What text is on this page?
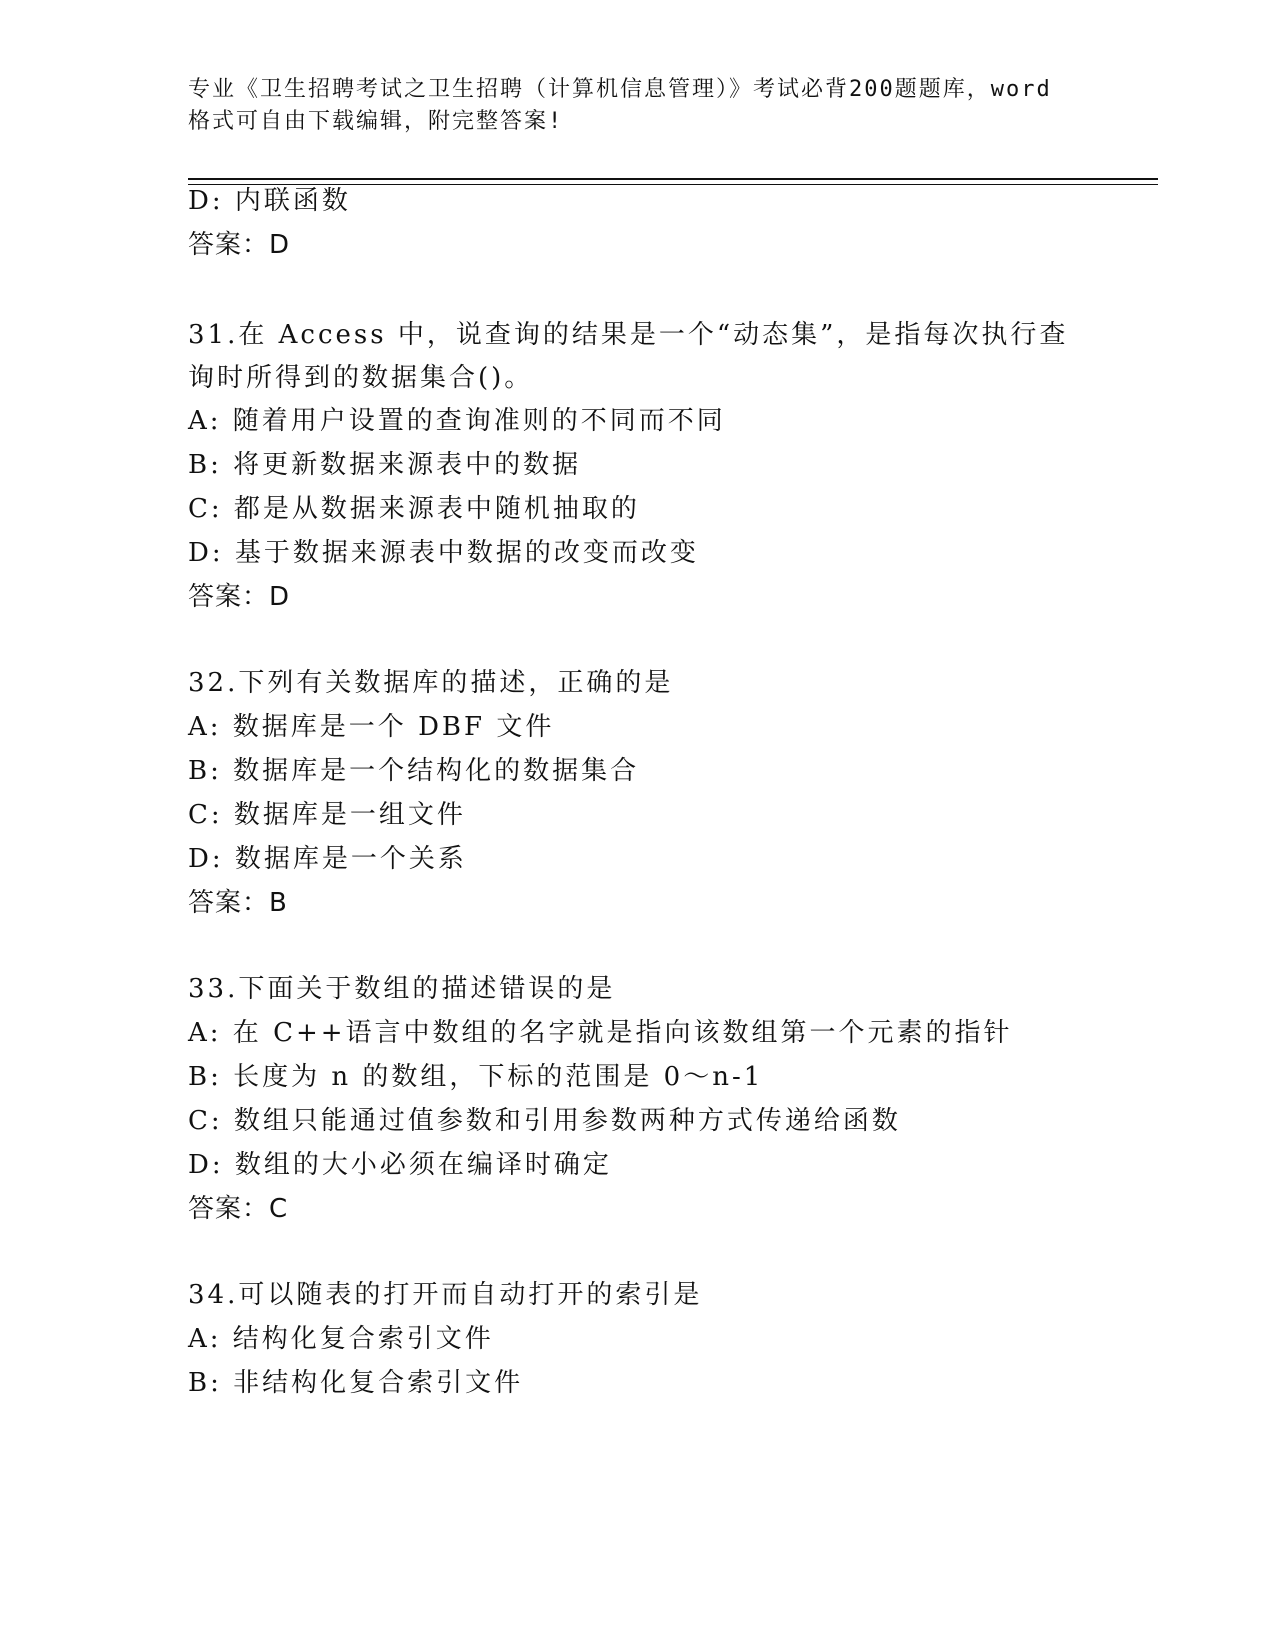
专业《卫生招聘考试之卫生招聘（计算机信息管理）》考试必背200题题库，word
格式可自由下载编辑，附完整答案!
D: 内联函数
答案：D
31.在 Access 中，说查询的结果是一个“动态集”，是指每次执行查
询时所得到的数据集合()。
A: 随着用户设置的查询准则的不同而不同
B: 将更新数据来源表中的数据
C: 都是从数据来源表中随机抽取的
D: 基于数据来源表中数据的改变而改变
答案：D
32.下列有关数据库的描述，正确的是
A: 数据库是一个 DBF 文件
B: 数据库是一个结构化的数据集合
C: 数据库是一组文件
D: 数据库是一个关系
答案：B
33.下面关于数组的描述错误的是
A: 在 C++语言中数组的名字就是指向该数组第一个元素的指针
B: 长度为 n 的数组，下标的范围是 0～n-1
C: 数组只能通过值参数和引用参数两种方式传递给函数
D: 数组的大小必须在编译时确定
答案：C
34.可以随表的打开而自动打开的索引是
A: 结构化复合索引文件
B: 非结构化复合索引文件
